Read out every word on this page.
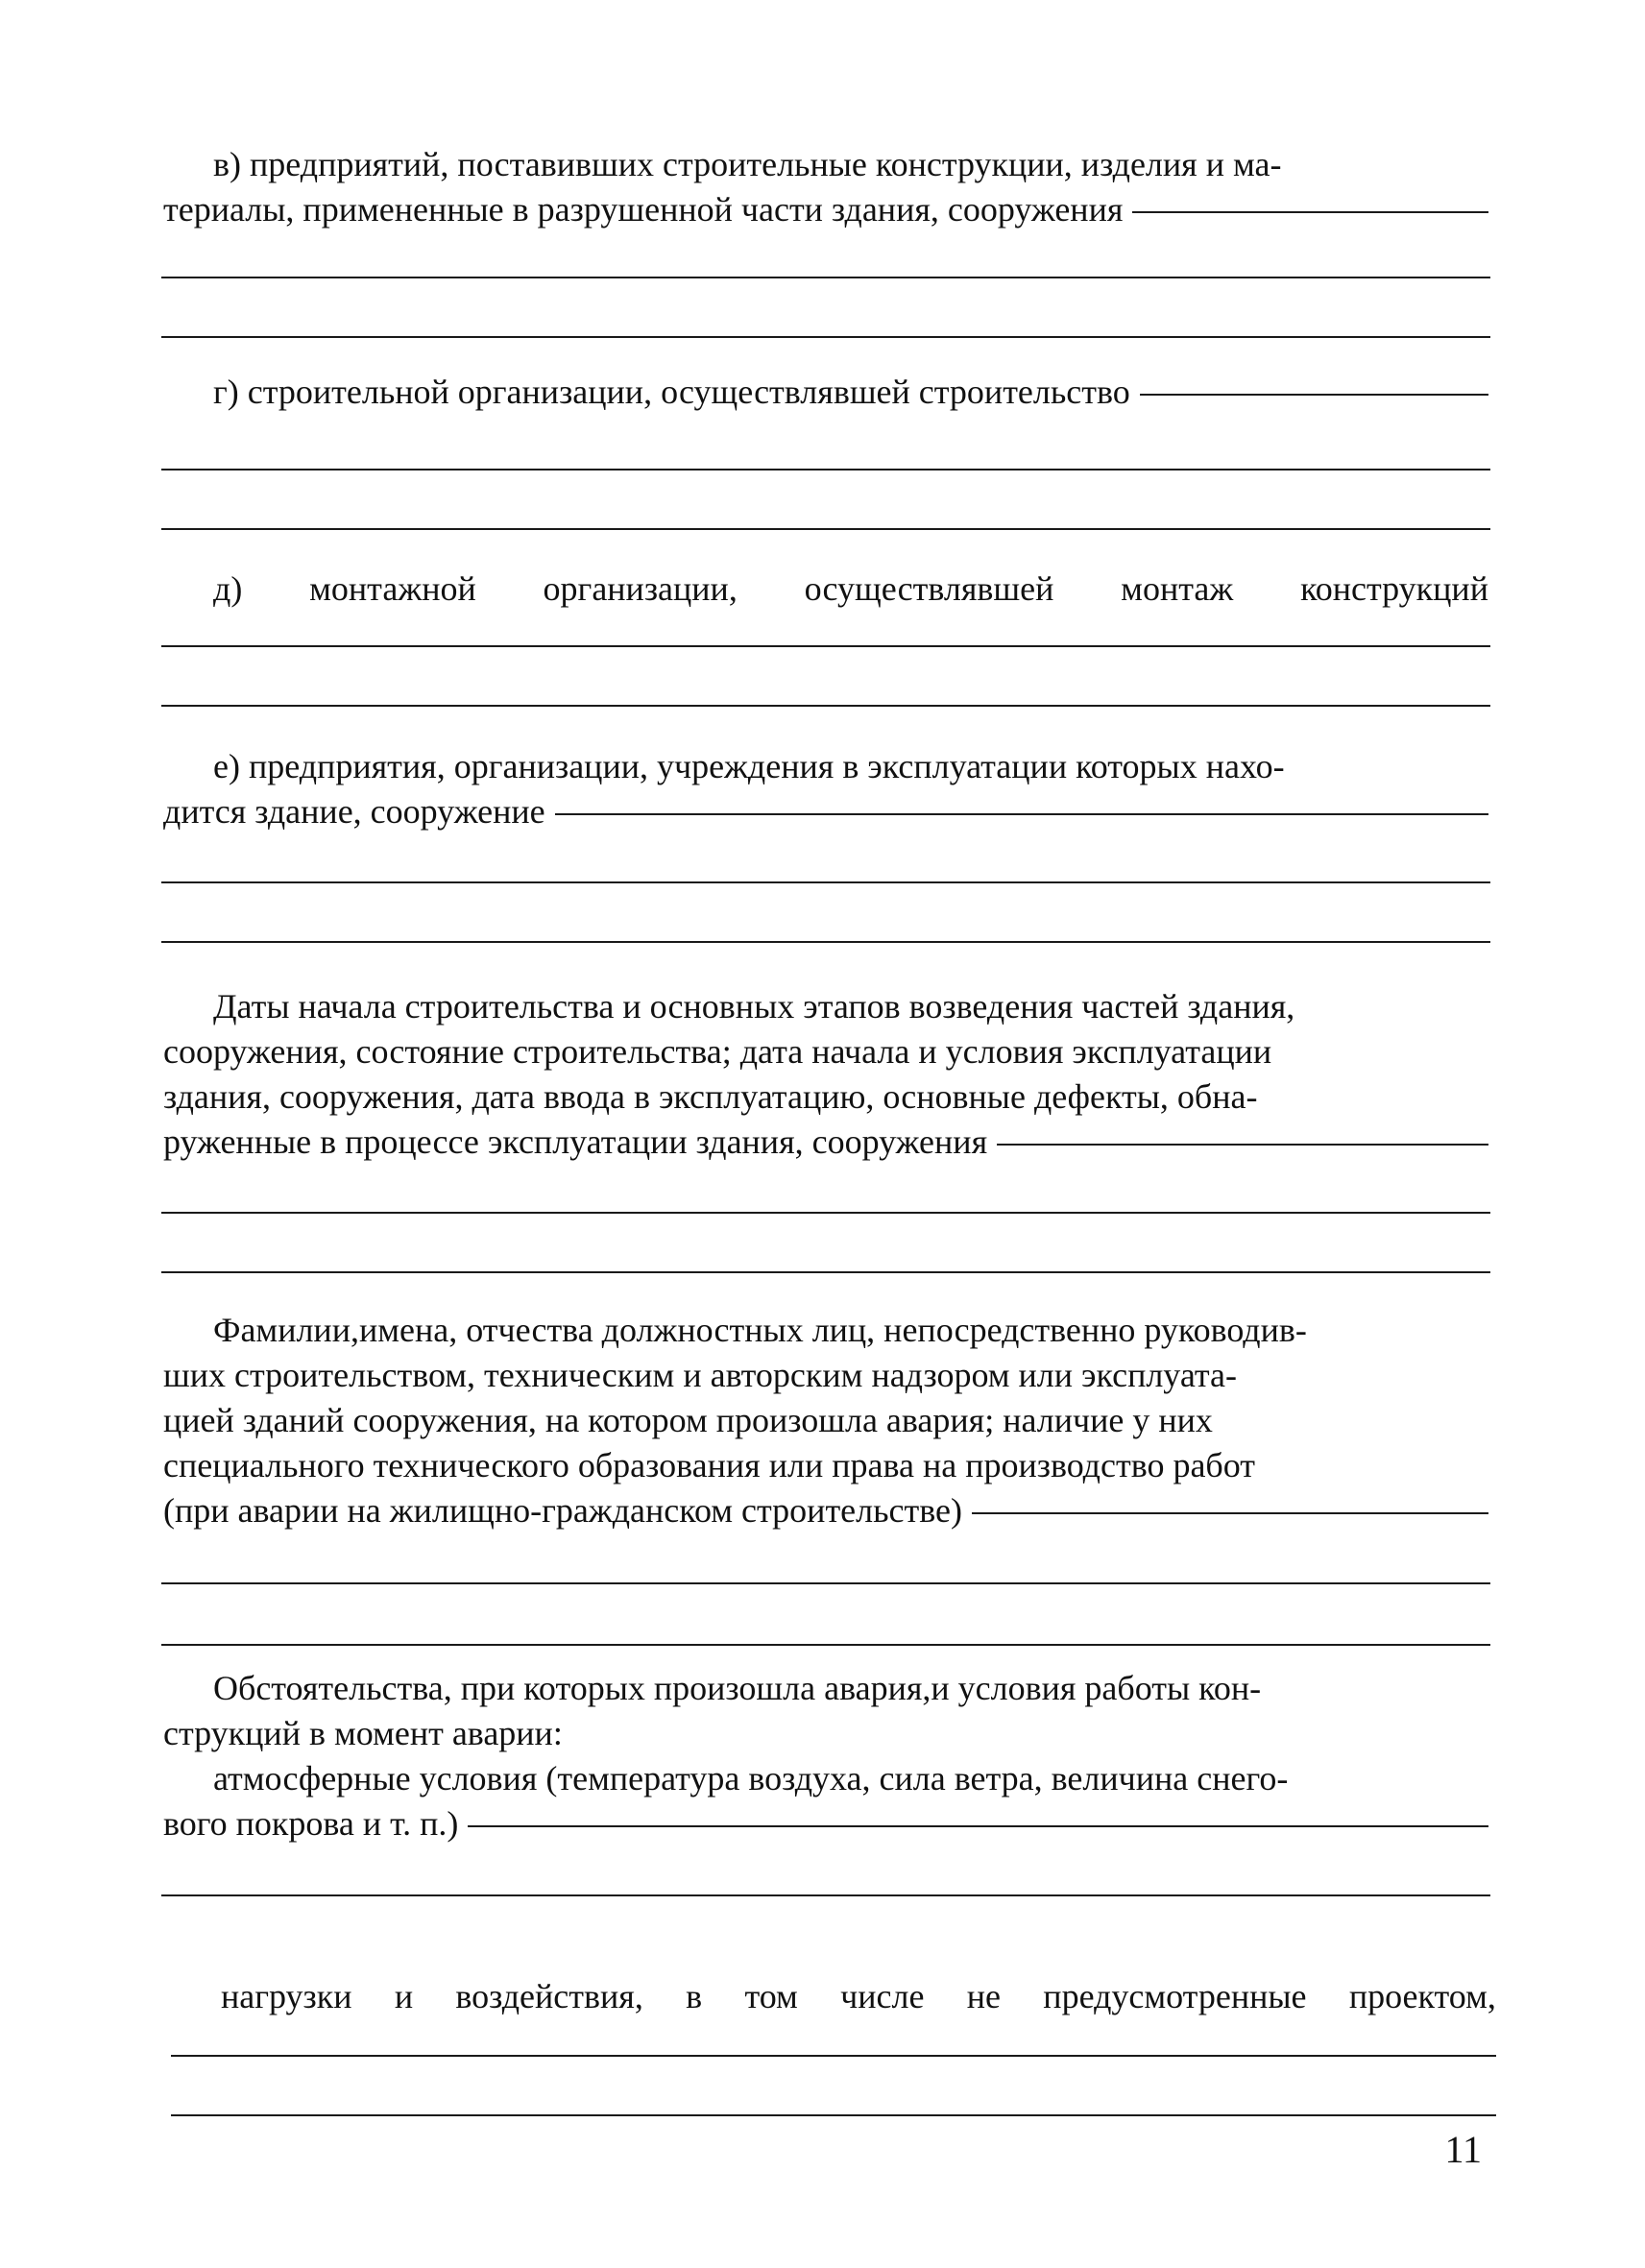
в) предприятий, поставивших строительные конструкции, изделия и ма-
териалы, примененные в разрушенной части здания, сооружения
г) строительной организации, осуществлявшей строительство
д) монтажной организации, осуществлявшей монтаж конструкций
е) предприятия, организации, учреждения в эксплуатации которых нахо-
дится здание, сооружение
Даты начала строительства и основных этапов возведения частей здания,
сооружения, состояние строительства; дата начала и условия эксплуатации
здания, сооружения, дата ввода в эксплуатацию, основные дефекты, обна-
руженные в процессе эксплуатации здания, сооружения
Фамилии,имена, отчества должностных лиц, непосредственно руководив-
ших строительством, техническим и авторским надзором или эксплуата-
цией зданий сооружения, на котором произошла авария; наличие у них
специального технического образования или права на производство работ
(при аварии на жилищно-гражданском строительстве)
Обстоятельства, при которых произошла авария,и условия работы кон-
струкций в момент аварии:
атмосферные условия (температура воздуха, сила ветра, величина снего-
вого покрова и т. п.)
нагрузки и воздействия, в том числе не предусмотренные проектом,
11
